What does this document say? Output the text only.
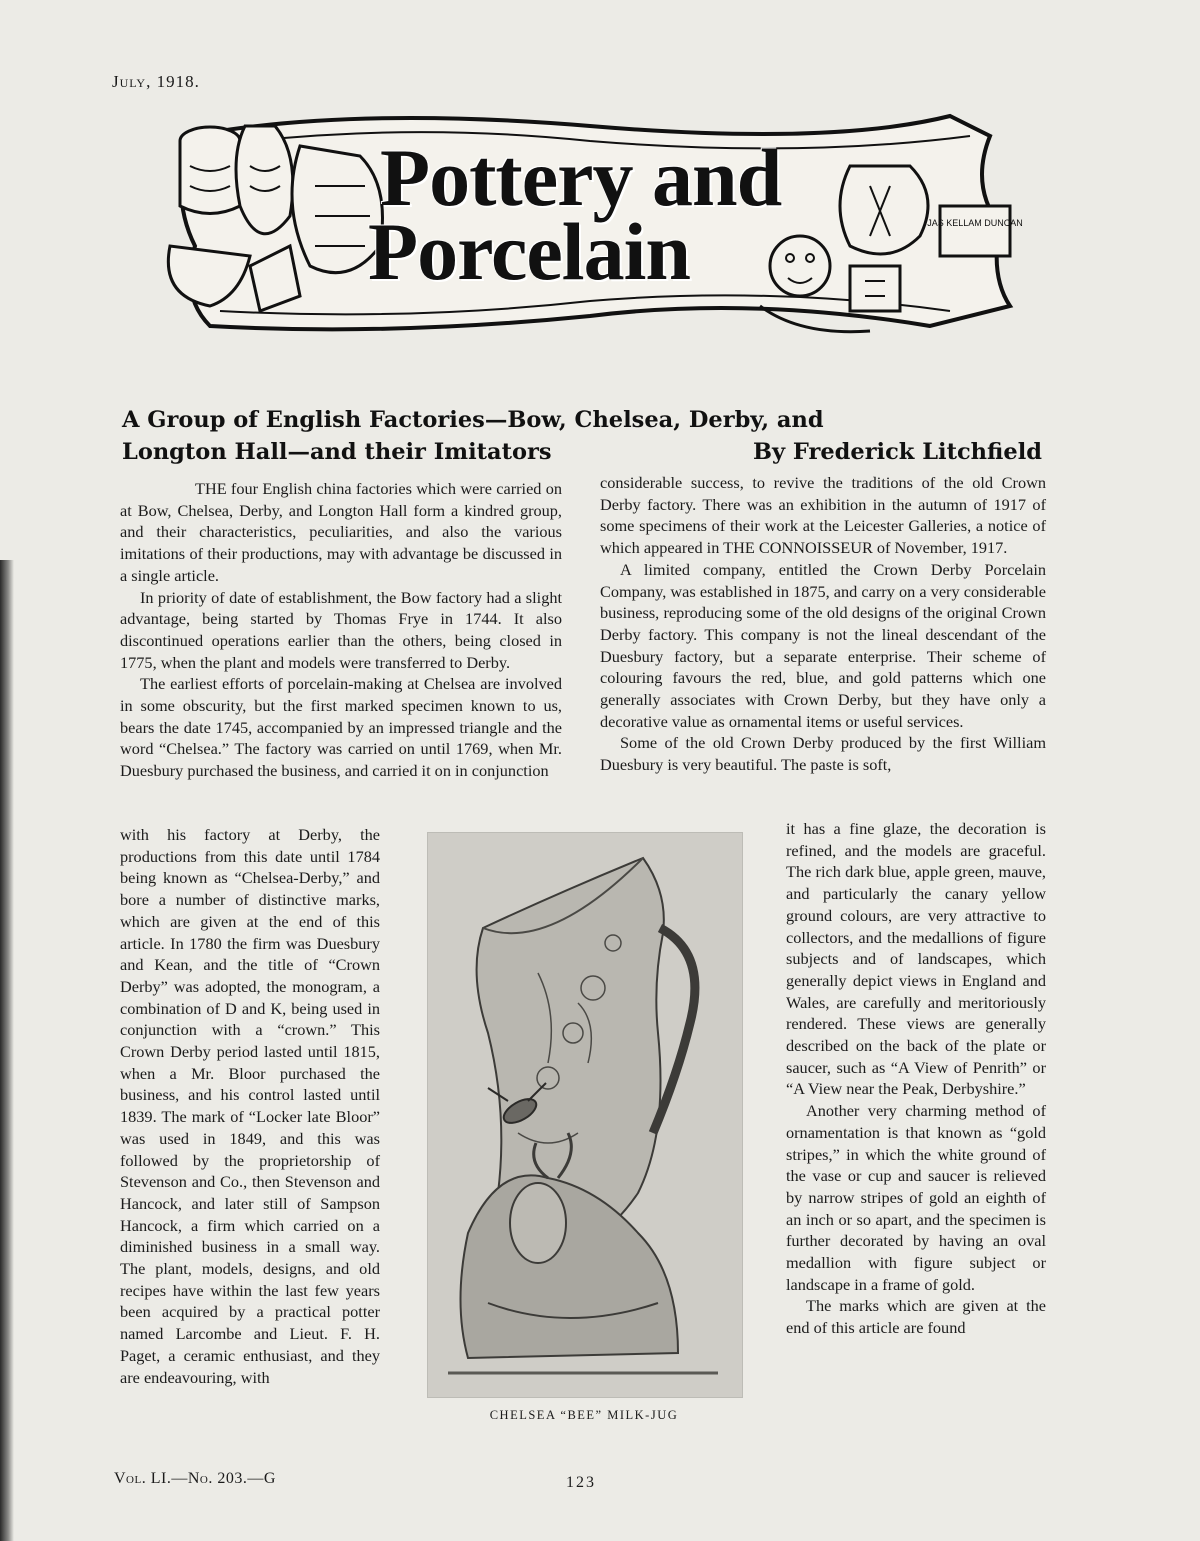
July, 1918.
JAS KELLAM DUNCAN
Pottery and
Porcelain
A Group of English Factories—Bow, Chelsea, Derby, and
Longton Hall—and their Imitators	By Frederick Litchfield

THE four English china factories which were carried on at Bow, Chelsea, Derby, and Longton Hall form a kindred group, and their characteristics, peculiarities, and also the various imitations of their productions, may with advantage be discussed in a single article.

In priority of date of establishment, the Bow factory had a slight advantage, being started by Thomas Frye in 1744. It also discontinued operations earlier than the others, being closed in 1775, when the plant and models were transferred to Derby.

The earliest efforts of porcelain-making at Chelsea are involved in some obscurity, but the first marked specimen known to us, bears the date 1745, accompanied by an impressed triangle and the word “Chelsea.” The factory was carried on until 1769, when Mr. Duesbury purchased the business, and carried it on in conjunction

with his factory at Derby, the productions from this date until 1784 being known as “Chelsea-Derby,” and bore a number of distinctive marks, which are given at the end of this article. In 1780 the firm was Duesbury and Kean, and the title of “Crown Derby” was adopted, the monogram, a combination of D and K, being used in conjunction with a “crown.” This Crown Derby period lasted until 1815, when a Mr. Bloor purchased the business, and his control lasted until 1839. The mark of “Locker late Bloor” was used in 1849, and this was followed by the proprietorship of Stevenson and Co., then Stevenson and Hancock, and later still of Sampson Hancock, a firm which carried on a diminished business in a small way. The plant, models, designs, and old recipes have within the last few years been acquired by a practical potter named Larcombe and Lieut. F. H. Paget, a ceramic enthusiast, and they are endeavouring, with

considerable success, to revive the traditions of the old Crown Derby factory. There was an exhibition in the autumn of 1917 of some specimens of their work at the Leicester Galleries, a notice of which appeared in THE CONNOISSEUR of November, 1917.

A limited company, entitled the Crown Derby Porcelain Company, was established in 1875, and carry on a very considerable business, reproducing some of the old designs of the original Crown Derby factory. This company is not the lineal descendant of the Duesbury factory, but a separate enterprise. Their scheme of colouring favours the red, blue, and gold patterns which one generally associates with Crown Derby, but they have only a decorative value as ornamental items or useful services.

Some of the old Crown Derby produced by the first William Duesbury is very beautiful. The paste is soft,

it has a fine glaze, the decoration is refined, and the models are graceful. The rich dark blue, apple green, mauve, and particularly the canary yellow ground colours, are very attractive to collectors, and the medallions of figure subjects and of landscapes, which generally depict views in England and Wales, are carefully and meritoriously rendered. These views are generally described on the back of the plate or saucer, such as “A View of Penrith” or “A View near the Peak, Derbyshire.”

Another very charming method of ornamentation is that known as “gold stripes,” in which the white ground of the vase or cup and saucer is relieved by narrow stripes of gold an eighth of an inch or so apart, and the specimen is further decorated by having an oval medallion with figure subject or landscape in a frame of gold.

The marks which are given at the end of this article are found

CHELSEA “BEE” MILK-JUG
Vol. LI.—No. 203.—G	123
